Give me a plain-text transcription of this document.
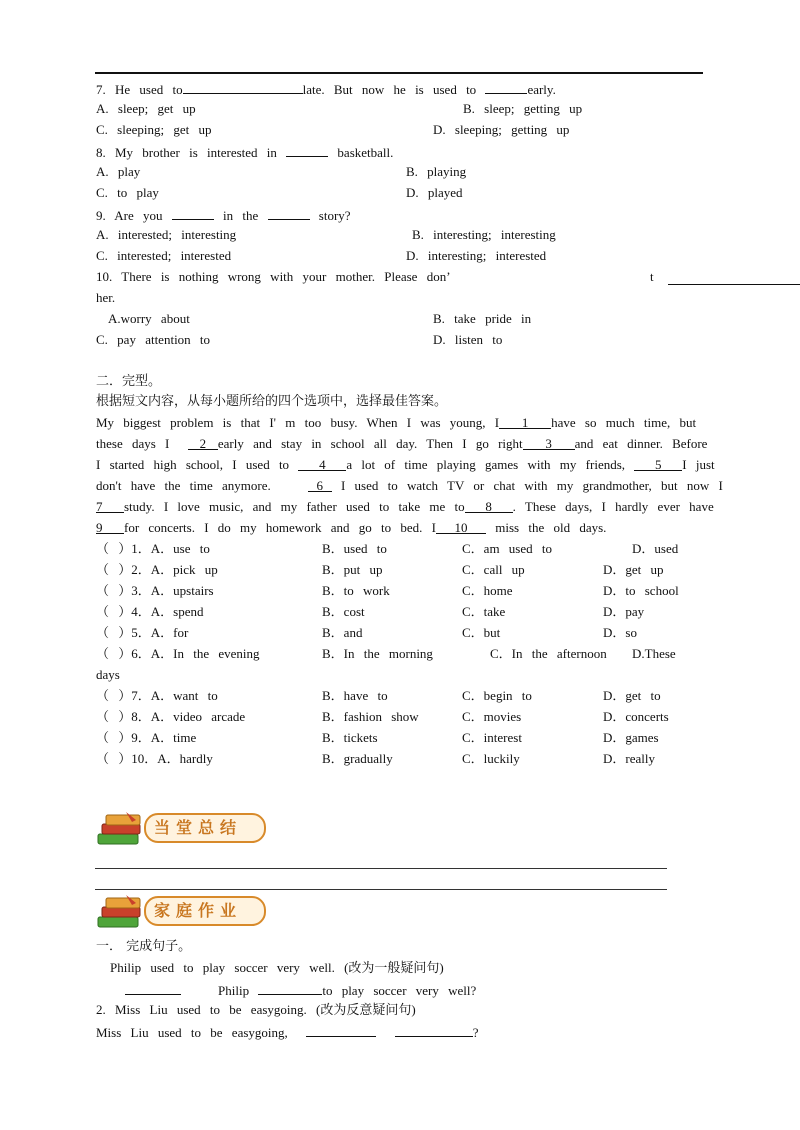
7. He used to	late. But now he is used to	early.
A. sleep; get up	B. sleep; getting up
C. sleeping; get up	D. sleeping; getting up
8. My brother is interested in	basketball.
A. play	B. playing
C. to play	D. played
9. Are you	in the	story?
A. interested; interesting	B. interesting; interesting
C. interested; interested	D. interesting; interested
10. There is nothing wrong with your mother. Please don’	t
her.
A.worry about	B. take pride in
C. pay attention to	D. listen to
二．完型。
根据短文内容，从每小题所给的四个选项中，选择最佳答案。
My biggest problem is that I' m too busy. When I was young, I 1 have so much time, but
these days I 2 early and stay in school all day. Then I go right 3 and eat dinner. Before
I started high school, I used to 4 a lot of time playing games with my friends, 5 I just
don't have the time anymore.	6 I used to watch TV or chat with my grandmother, but now I
7 study. I love music, and my father used to take me to 8 . These days, I hardly ever have
9 for concerts. I do my homework and go to bed. I 10 miss the old days.
（ ）1．A．use to	B．used to	C．am used to	D．used
（ ）2．A．pick up	B．put up	C．call up	D．get up
（ ）3．A．upstairs	B．to work	C．home	D．to school
（ ）4．A．spend	B．cost	C．take	D．pay
（ ）5．A．for	B．and	C．but	D．so
（ ）6．A．In the evening	B．In the morning	C．In the afternoon D.These
days
（ ）7．A．want to	B．have to	C．begin to	D．get to
（ ）8．A．video arcade	B．fashion show	C．movies	D．concerts
（ ）9．A．time	B．tickets	C．interest	D．games
（ ）10．A．hardly	B．gradually	C．luckily	D．really
当堂总结
家庭作业
一． 完成句子。
Philip used to play soccer very well. (改为一般疑问句)
Philip	to play soccer very well?
2. Miss Liu used to be easygoing. (改为反意疑问句)
Miss Liu used to be easygoing,	?
